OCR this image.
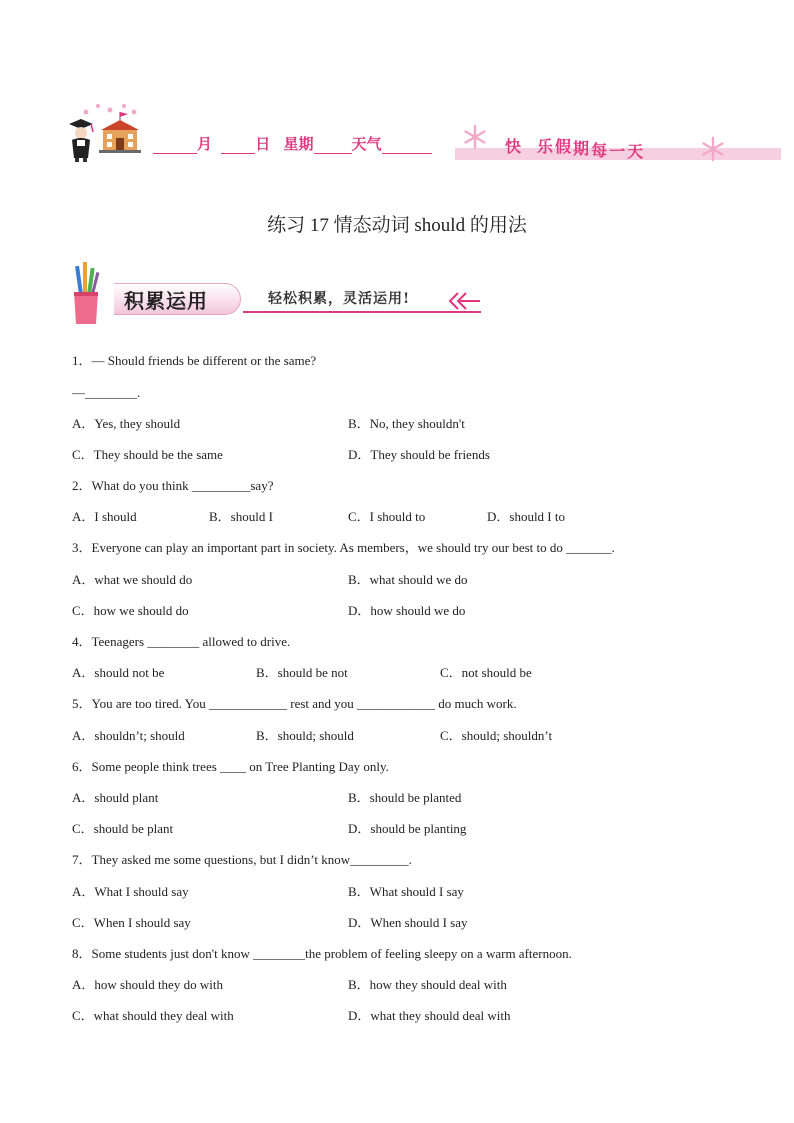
月	日 星期	天气	快 乐 假 期 每 一 天
练习 17 情态动词 should 的用法
积累运用	轻松积累，灵活运用!
1．— Should friends be different or the same?
—________.
A．Yes, they should	B．No, they shouldn't
C．They should be the same	D．They should be friends
2．What do you think _________say?
A．I should	B．should I	C．I should to	D．should I to
3．Everyone can play an important part in society. As members，we should try our best to do _______.
A．what we should do	B．what should we do
C．how we should do	D．how should we do
4．Teenagers ________ allowed to drive.
A．should not be	B．should be not	C．not should be
5．You are too tired. You ____________ rest and you ____________ do much work.
A．shouldn’t; should	B．should; should	C．should; shouldn’t
6．Some people think trees ____ on Tree Planting Day only.
A．should plant	B．should be planted
C．should be plant	D．should be planting
7．They asked me some questions, but I didn’t know_________.
A．What I should say	B．What should I say
C．When I should say	D．When should I say
8．Some students just don't know ________the problem of feeling sleepy on a warm afternoon.
A．how should they do with	B．how they should deal with
C．what should they deal with	D．what they should deal with
